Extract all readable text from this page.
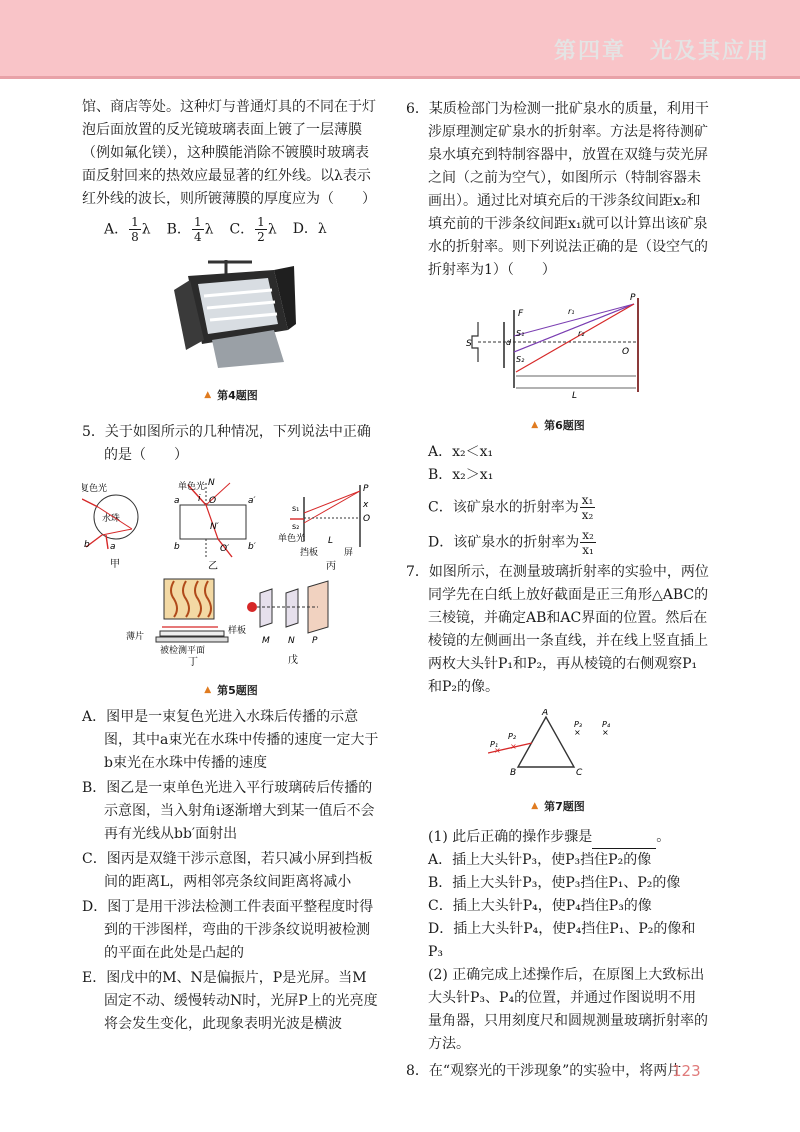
第四章　光及其应用

馆、商店等处。这种灯与普通灯具的不同在于灯泡后面放置的反光镜玻璃表面上镀了一层薄膜（例如氟化镁），这种膜能消除不镀膜时玻璃表面反射回来的热效应最显著的红外线。以λ表示红外线的波长，则所镀薄膜的厚度应为（　　）

A． $\frac{1}{8}$ λ B． $\frac{1}{4}$ λ C． $\frac{1}{2}$ λ D．λ
▲ 第4题图

5．关于如图所示的几种情况，下列说法中正确的是（　　）

水珠
复色光
b a
甲
单色光 N
i O
a	a′
N′
b	O′ b′
乙
s₁
s₂
P
x
O
L
单色光
挡板	屏
丙
薄片
样板
被检测平面
丁
M N P
戊
▲ 第5题图

A．图甲是一束复色光进入水珠后传播的示意图，其中a束光在水珠中传播的速度一定大于b束光在水珠中传播的速度

B．图乙是一束单色光进入平行玻璃砖后传播的示意图，当入射角i逐渐增大到某一值后不会再有光线从bb′面射出

C．图丙是双缝干涉示意图，若只减小屏到挡板间的距离L，两相邻亮条纹间距离将减小

D．图丁是用干涉法检测工件表面平整程度时得到的干涉图样，弯曲的干涉条纹说明被检测的平面在此处是凸起的

E．图戊中的M、N是偏振片，P是光屏。当M固定不动、缓慢转动N时，光屏P上的光亮度将会发生变化，此现象表明光波是横波

6．某质检部门为检测一批矿泉水的质量，利用干涉原理测定矿泉水的折射率。方法是将待测矿泉水填充到特制容器中，放置在双缝与荧光屏之间（之前为空气），如图所示（特制容器未画出）。通过比对填充后的干涉条纹间距x₂和填充前的干涉条纹间距x₁就可以计算出该矿泉水的折射率。则下列说法正确的是（设空气的折射率为1）（　　）

S
F
S₁
S₂
d
r₁
r₂
P
O
L
▲ 第6题图

A．x₂＜x₁

B．x₂＞x₁

C．该矿泉水的折射率为 $\frac{\text{x₁}}{\text{x₂}}$

D．该矿泉水的折射率为 $\frac{\text{x₂}}{\text{x₁}}$

7．如图所示，在测量玻璃折射率的实验中，两位同学先在白纸上放好截面是正三角形△ABC的三棱镜，并确定AB和AC界面的位置。然后在棱镜的左侧画出一条直线，并在线上竖直插上两枚大头针P₁和P₂，再从棱镜的右侧观察P₁和P₂的像。

× ×
×	×
P₁
P₂
P₃ P₄
A
B	C
▲ 第7题图

(1) 此后正确的操作步骤是	。

A．插上大头针P₃，使P₃挡住P₂的像

B．插上大头针P₃，使P₃挡住P₁、P₂的像

C．插上大头针P₄，使P₄挡住P₃的像

D．插上大头针P₄，使P₄挡住P₁、P₂的像和P₃

(2) 正确完成上述操作后，在原图上大致标出大头针P₃、P₄的位置，并通过作图说明不用量角器，只用刻度尺和圆规测量玻璃折射率的方法。

8．在“观察光的干涉现象”的实验中，将两片

123
